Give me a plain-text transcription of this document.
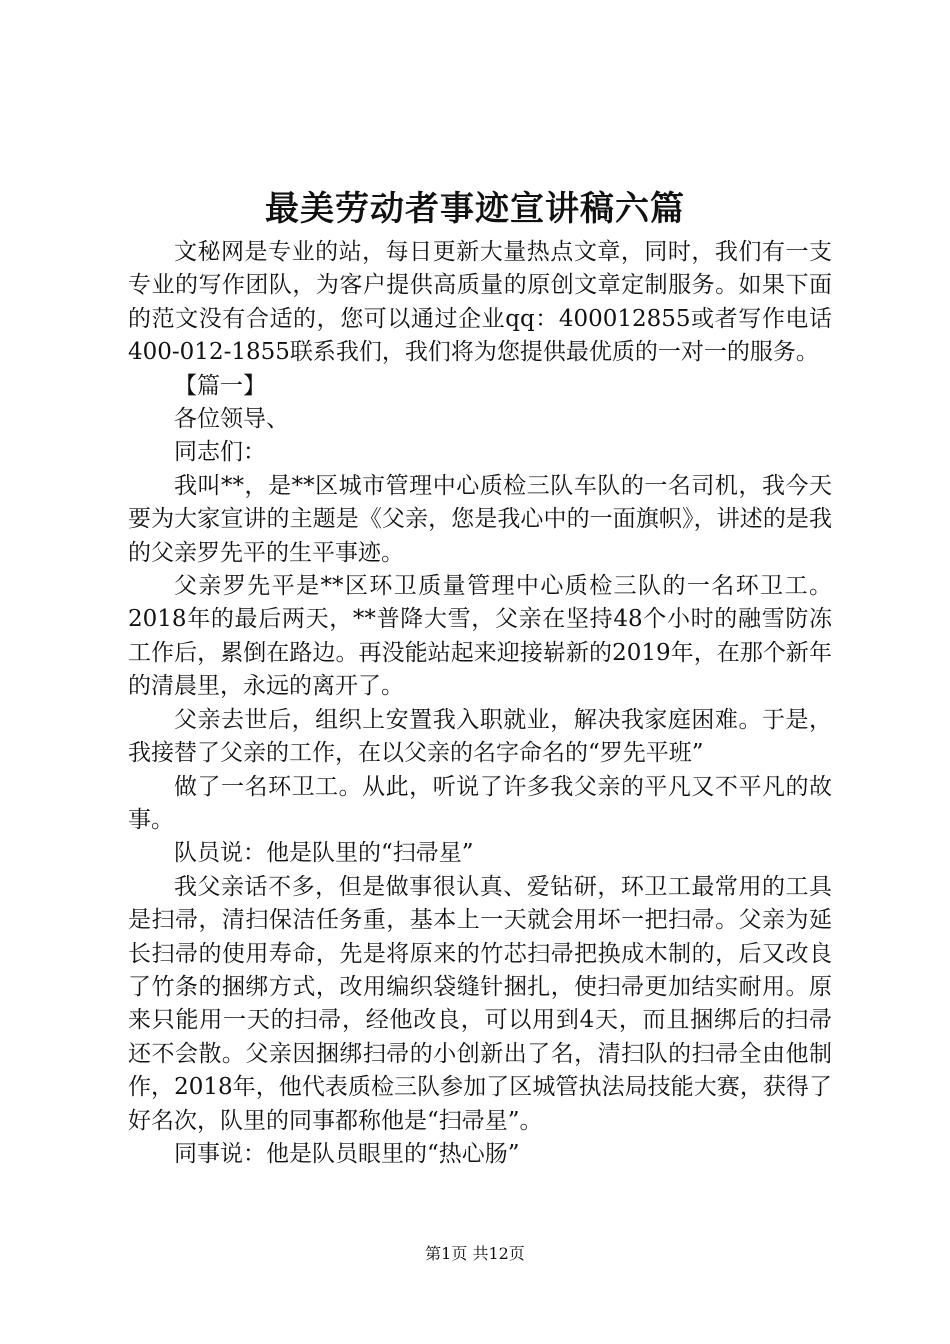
最美劳动者事迹宣讲稿六篇

文秘网是专业的站，每日更新大量热点文章，同时，我们有一支专业的写作团队，为客户提供高质量的原创文章定制服务。如果下面的范文没有合适的，您可以通过企业qq：400012855或者写作电话400-012-1855联系我们，我们将为您提供最优质的一对一的服务。

【篇一】

各位领导、

同志们：

我叫**，是**区城市管理中心质检三队车队的一名司机，我今天要为大家宣讲的主题是《父亲，您是我心中的一面旗帜》，讲述的是我的父亲罗先平的生平事迹。

父亲罗先平是**区环卫质量管理中心质检三队的一名环卫工。2018年的最后两天，**普降大雪，父亲在坚持48个小时的融雪防冻工作后，累倒在路边。再没能站起来迎接崭新的2019年，在那个新年的清晨里，永远的离开了。

父亲去世后，组织上安置我入职就业，解决我家庭困难。于是，我接替了父亲的工作，在以父亲的名字命名的“罗先平班”

做了一名环卫工。从此，听说了许多我父亲的平凡又不平凡的故事。

队员说：他是队里的“扫帚星”

我父亲话不多，但是做事很认真、爱钻研，环卫工最常用的工具是扫帚，清扫保洁任务重，基本上一天就会用坏一把扫帚。父亲为延长扫帚的使用寿命，先是将原来的竹芯扫帚把换成木制的，后又改良了竹条的捆绑方式，改用编织袋缝针捆扎，使扫帚更加结实耐用。原来只能用一天的扫帚，经他改良，可以用到4天，而且捆绑后的扫帚还不会散。父亲因捆绑扫帚的小创新出了名，清扫队的扫帚全由他制作，2018年，他代表质检三队参加了区城管执法局技能大赛，获得了好名次，队里的同事都称他是“扫帚星”。

同事说：他是队员眼里的“热心肠”

第1页 共12页
